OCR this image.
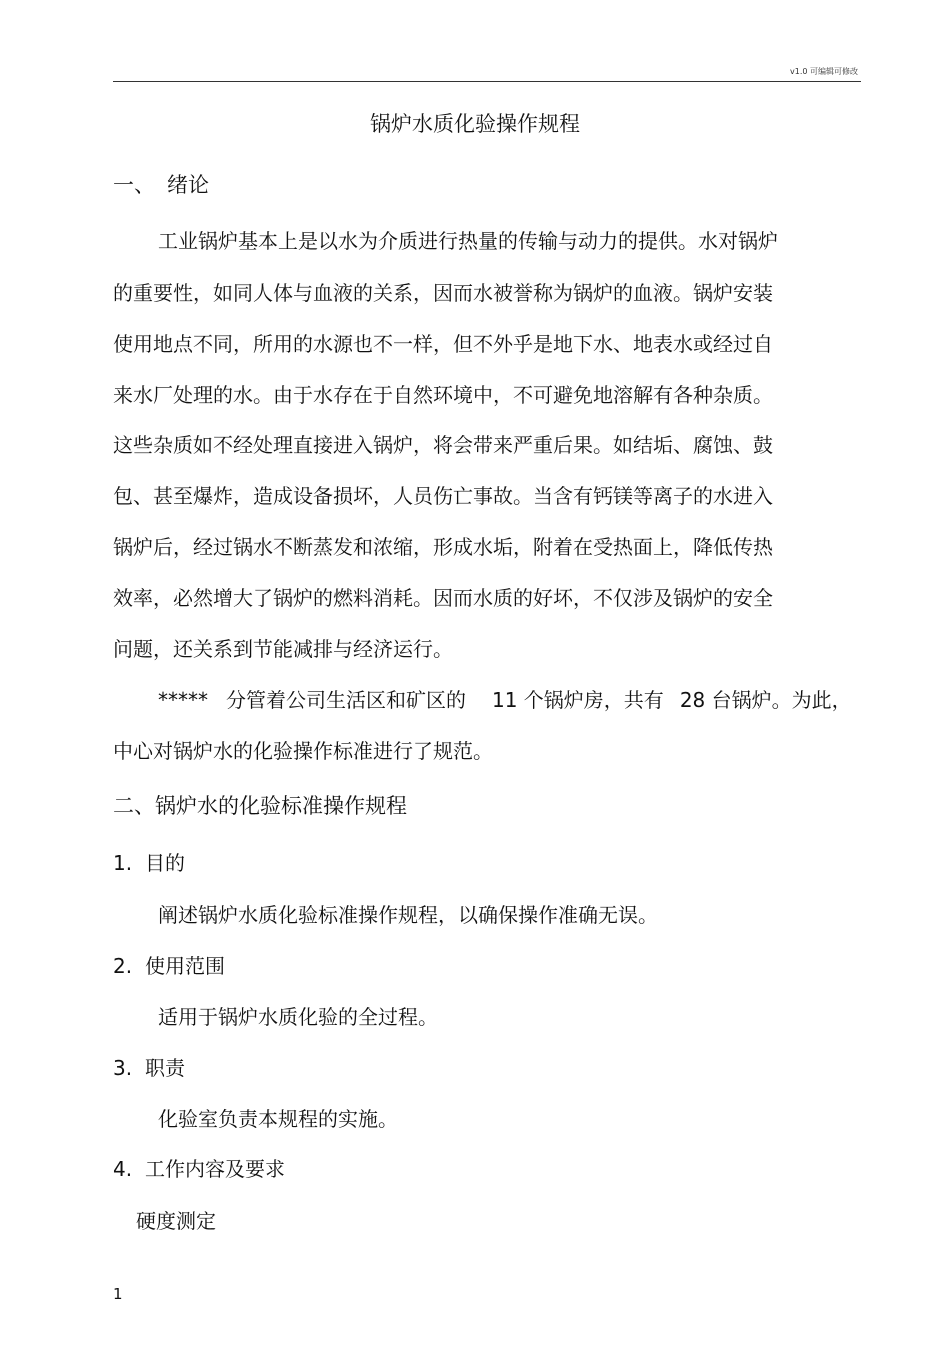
v1.0 可编辑可修改
锅炉水质化验操作规程
一、 绪论
工业锅炉基本上是以水为介质进行热量的传输与动力的提供。水对锅炉
的重要性，如同人体与血液的关系，因而水被誉称为锅炉的血液。锅炉安装
使用地点不同，所用的水源也不一样，但不外乎是地下水、地表水或经过自
来水厂处理的水。由于水存在于自然环境中，不可避免地溶解有各种杂质。
这些杂质如不经处理直接进入锅炉，将会带来严重后果。如结垢、腐蚀、鼓
包、甚至爆炸，造成设备损坏，人员伤亡事故。当含有钙镁等离子的水进入
锅炉后，经过锅水不断蒸发和浓缩，形成水垢，附着在受热面上，降低传热
效率，必然增大了锅炉的燃料消耗。因而水质的好坏，不仅涉及锅炉的安全
问题，还关系到节能减排与经济运行。
***** 分管着公司生活区和矿区的 11 个锅炉房，共有 28 台锅炉。为此，
中心对锅炉水的化验操作标准进行了规范。
二、锅炉水的化验标准操作规程
1. 目的
阐述锅炉水质化验标准操作规程，以确保操作准确无误。
2. 使用范围
适用于锅炉水质化验的全过程。
3. 职责
化验室负责本规程的实施。
4. 工作内容及要求
硬度测定
1
